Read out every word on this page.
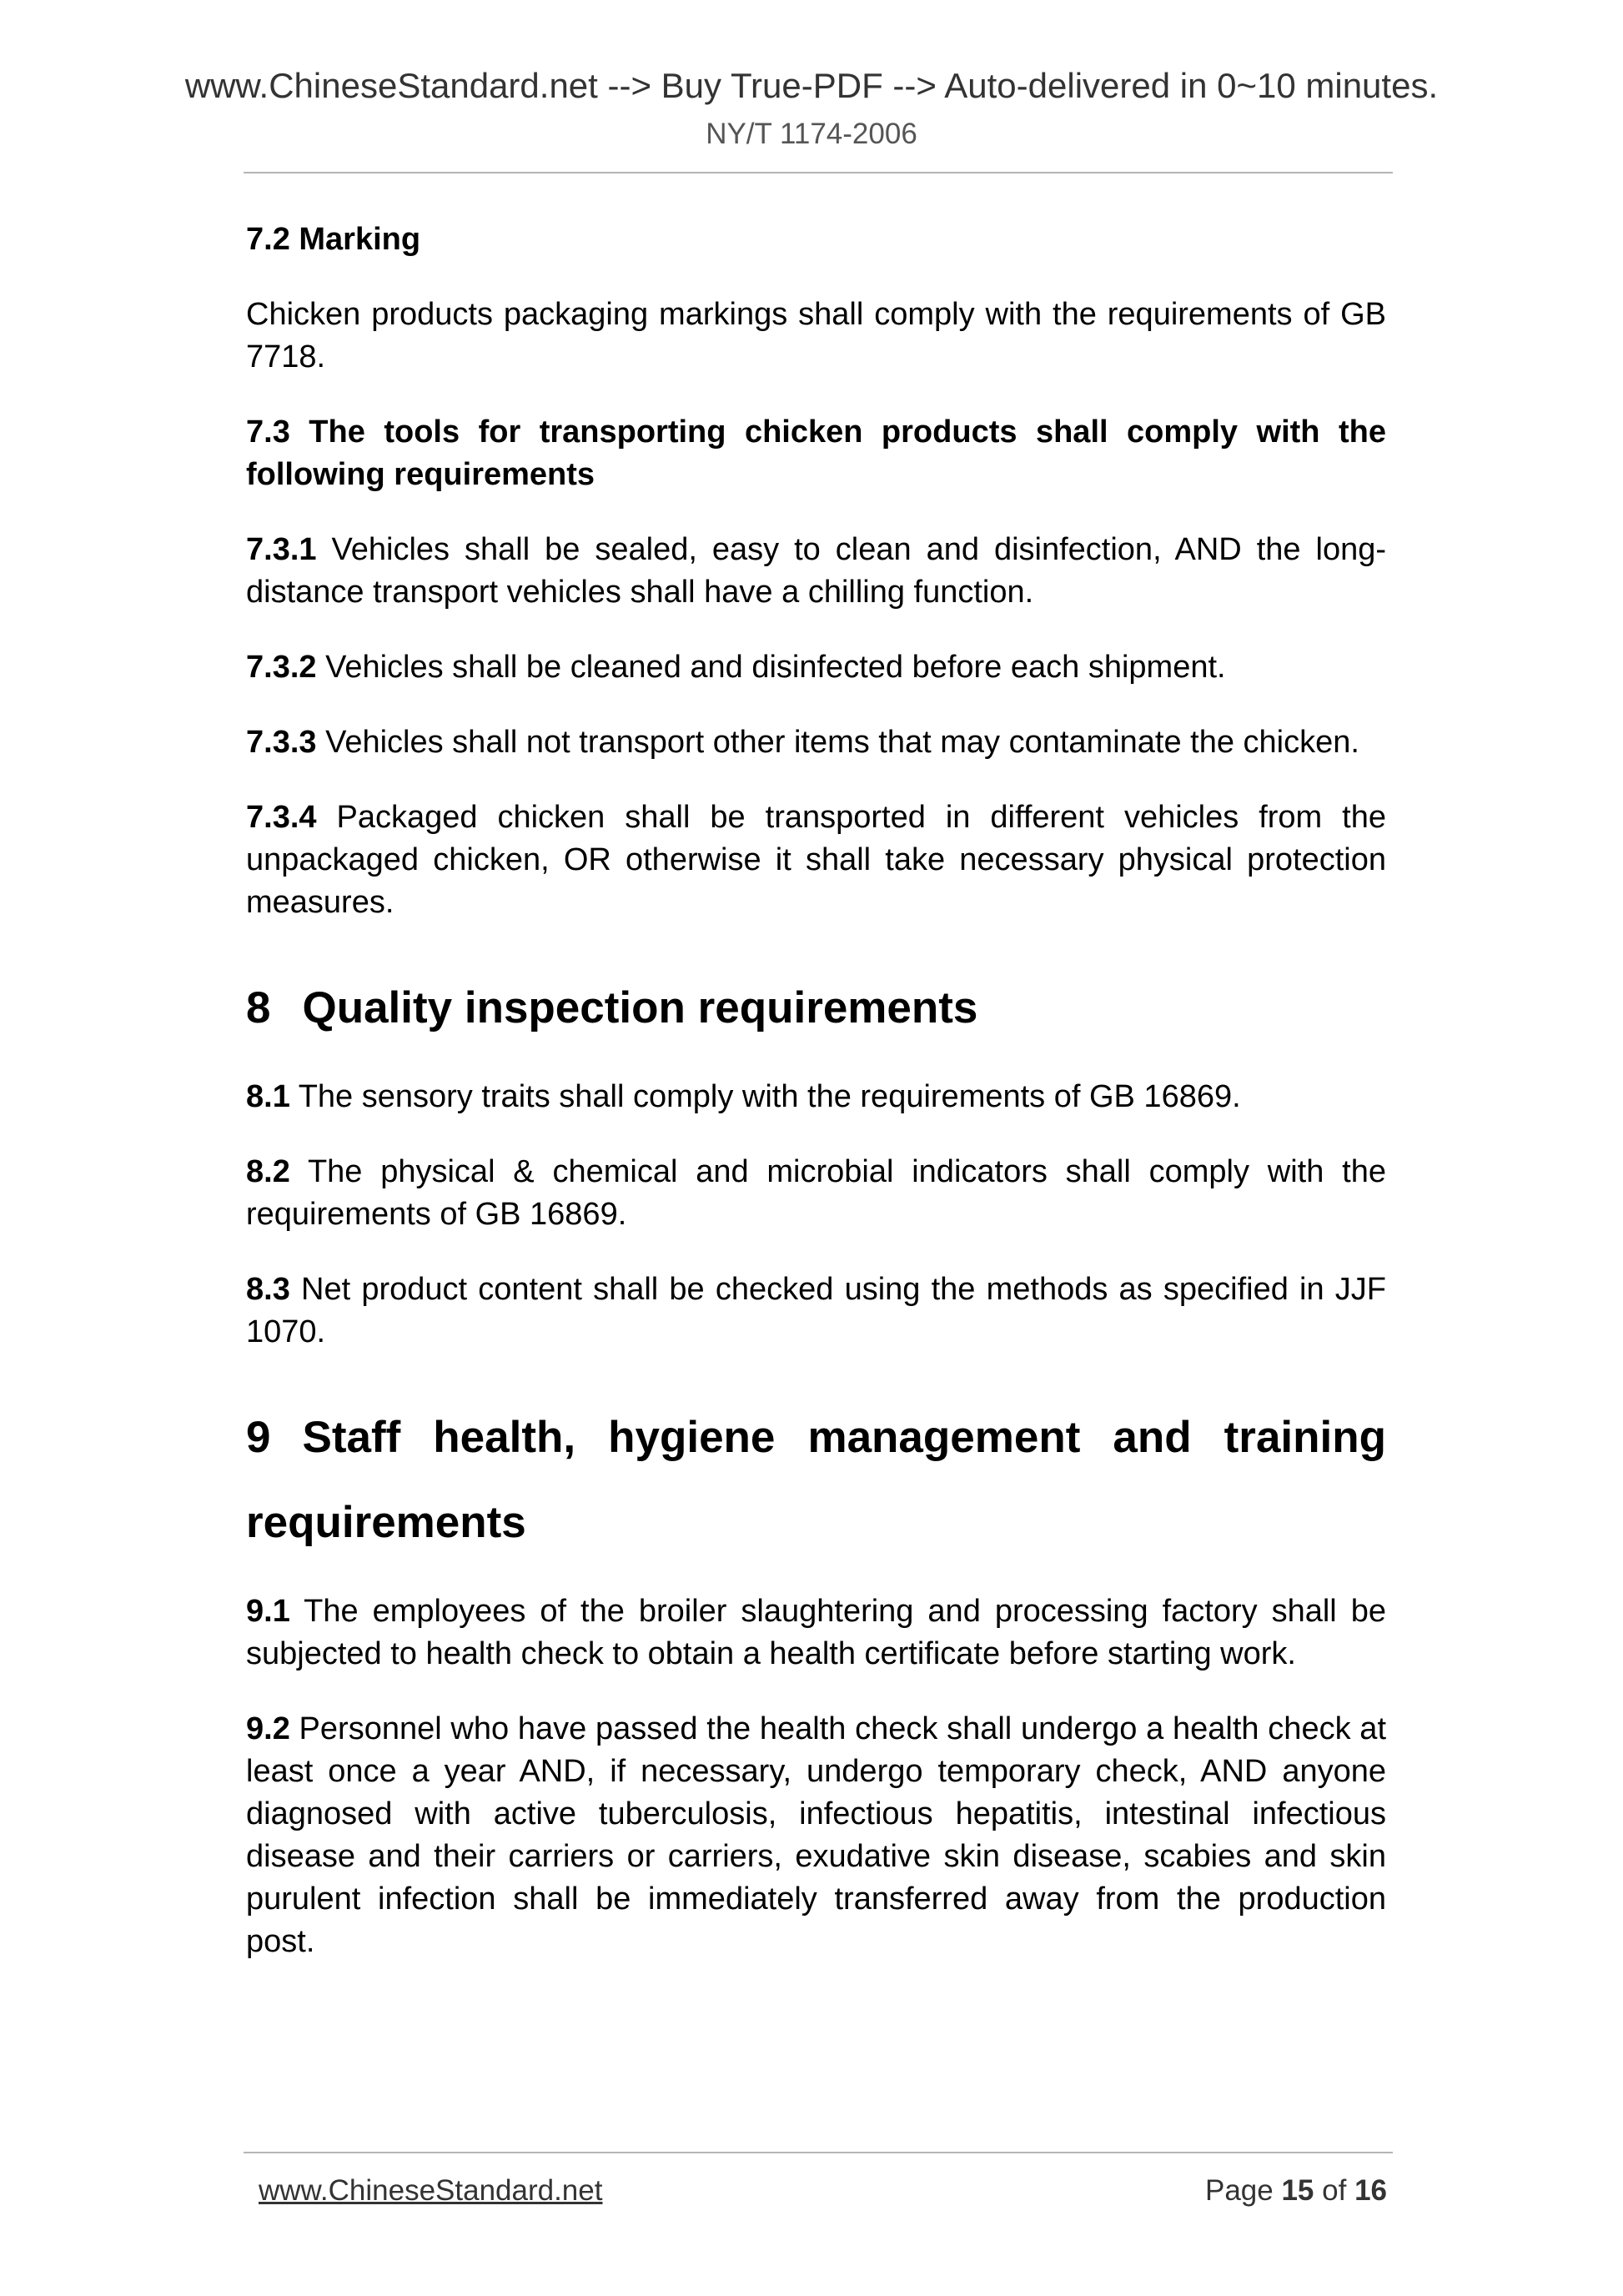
www.ChineseStandard.net --> Buy True-PDF --> Auto-delivered in 0~10 minutes.
NY/T 1174-2006

7.2 Marking

Chicken products packaging markings shall comply with the requirements of GB 7718.

7.3 The tools for transporting chicken products shall comply with the following requirements

7.3.1 Vehicles shall be sealed, easy to clean and disinfection, AND the long-distance transport vehicles shall have a chilling function.

7.3.2 Vehicles shall be cleaned and disinfected before each shipment.

7.3.3 Vehicles shall not transport other items that may contaminate the chicken.

7.3.4 Packaged chicken shall be transported in different vehicles from the unpackaged chicken, OR otherwise it shall take necessary physical protection measures.

8 Quality inspection requirements

8.1 The sensory traits shall comply with the requirements of GB 16869.

8.2 The physical & chemical and microbial indicators shall comply with the requirements of GB 16869.

8.3 Net product content shall be checked using the methods as specified in JJF 1070.

9 Staff health, hygiene management and training requirements

9.1 The employees of the broiler slaughtering and processing factory shall be subjected to health check to obtain a health certificate before starting work.

9.2 Personnel who have passed the health check shall undergo a health check at least once a year AND, if necessary, undergo temporary check, AND anyone diagnosed with active tuberculosis, infectious hepatitis, intestinal infectious disease and their carriers or carriers, exudative skin disease, scabies and skin purulent infection shall be immediately transferred away from the production post.

www.ChineseStandard.net	Page 15 of 16
